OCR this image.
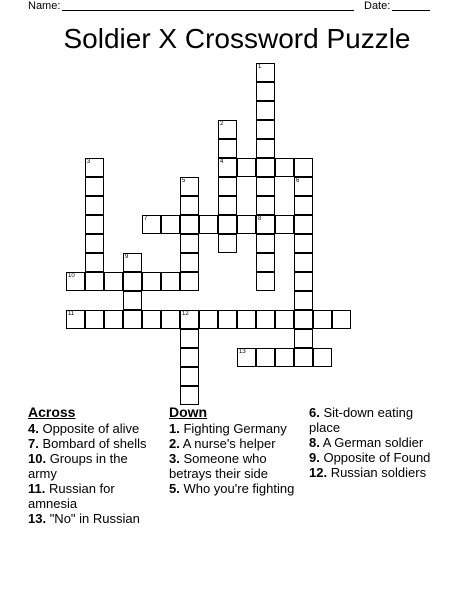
Name:	Date:
Soldier X Crossword Puzzle
1
2
4
3
5	6
7	8
9
10
11	12
13
Across
4. Opposite of alive
7. Bombard of shells
10. Groups in the army
11. Russian for amnesia
13. "No" in Russian
Down
1. Fighting Germany
2. A nurse's helper
3. Someone who betrays their side
5. Who you're fighting
6. Sit-down eating place
8. A German soldier
9. Opposite of Found
12. Russian soldiers
